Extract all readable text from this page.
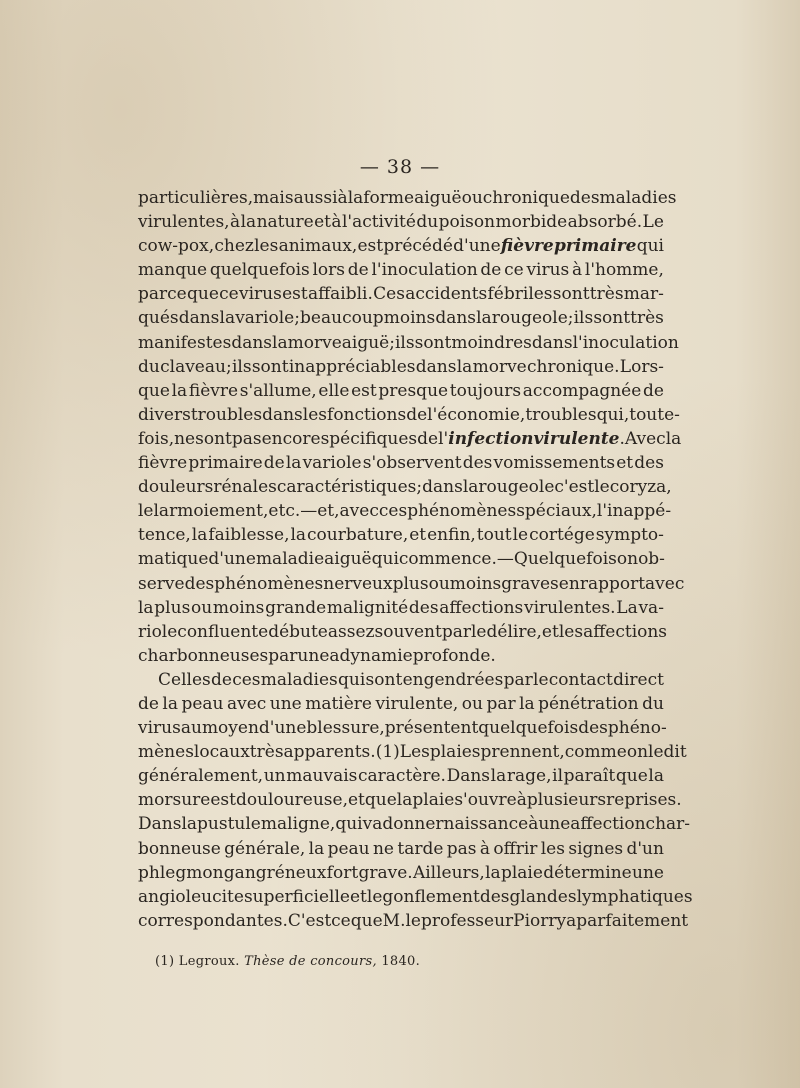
— 38 —
particulières, mais aussi à la forme aiguë ou chronique des maladies
virulentes, à la nature et à l'activité du poison morbide absorbé. Le
cow-pox, chez les animaux, est précédé d'une fièvre primaire qui
manque quelquefois lors de l'inoculation de ce virus à l'homme,
parce que ce virus est affaibli. Ces accidents fébriles sont très mar-
qués dans la variole; beaucoup moins dans la rougeole; ils sont très
manifestes dans la morve aiguë; ils sont moindres dans l'inoculation
du claveau; ils sont inappréciables dans la morve chronique. Lors-
que la fièvre s'allume, elle est presque toujours accompagnée de
divers troubles dans les fonctions de l'économie, troubles qui, toute-
fois, ne sont pas encore spécifiques de l' infection virulente . Avec la
fièvre primaire de la variole s'observent des vomissements et des
douleurs rénales caractéristiques; dans la rougeole c'est le coryza,
le larmoiement, etc. — et, avec ces phénomènes spéciaux, l'inappé-
tence, la faiblesse, la courbature, et enfin, tout le cortége sympto-
matique d'une maladie aiguë qui commence. — Quelquefois on ob-
serve des phénomènes nerveux plus ou moins graves en rapport avec
la plus ou moins grande malignité des affections virulentes. La va-
riole confluente débute assez souvent par le délire, et les affections
charbonneuses par une adynamie profonde.
Celles de ces maladies qui sont engendrées par le contact direct
de la peau avec une matière virulente, ou par la pénétration du
virus au moyen d'une blessure, présentent quelquefois des phéno-
mènes locaux très apparents. (1) Les plaies prennent, comme on le dit
généralement, un mauvais caractère. Dans la rage, il paraît que la
morsure est douloureuse, et que la plaie s'ouvre à plusieurs reprises.
Dans la pustule maligne, qui va donner naissance à une affection char-
bonneuse générale, la peau ne tarde pas à offrir les signes d'un
phlegmon gangréneux fort grave. Ailleurs, la plaie détermine une
angioleucite superficielle et le gonflement des glandes lymphatiques
correspondantes. C'est ce que M. le professeur Piorry a parfaitement
(1) Legroux. Thèse de concours, 1840.
